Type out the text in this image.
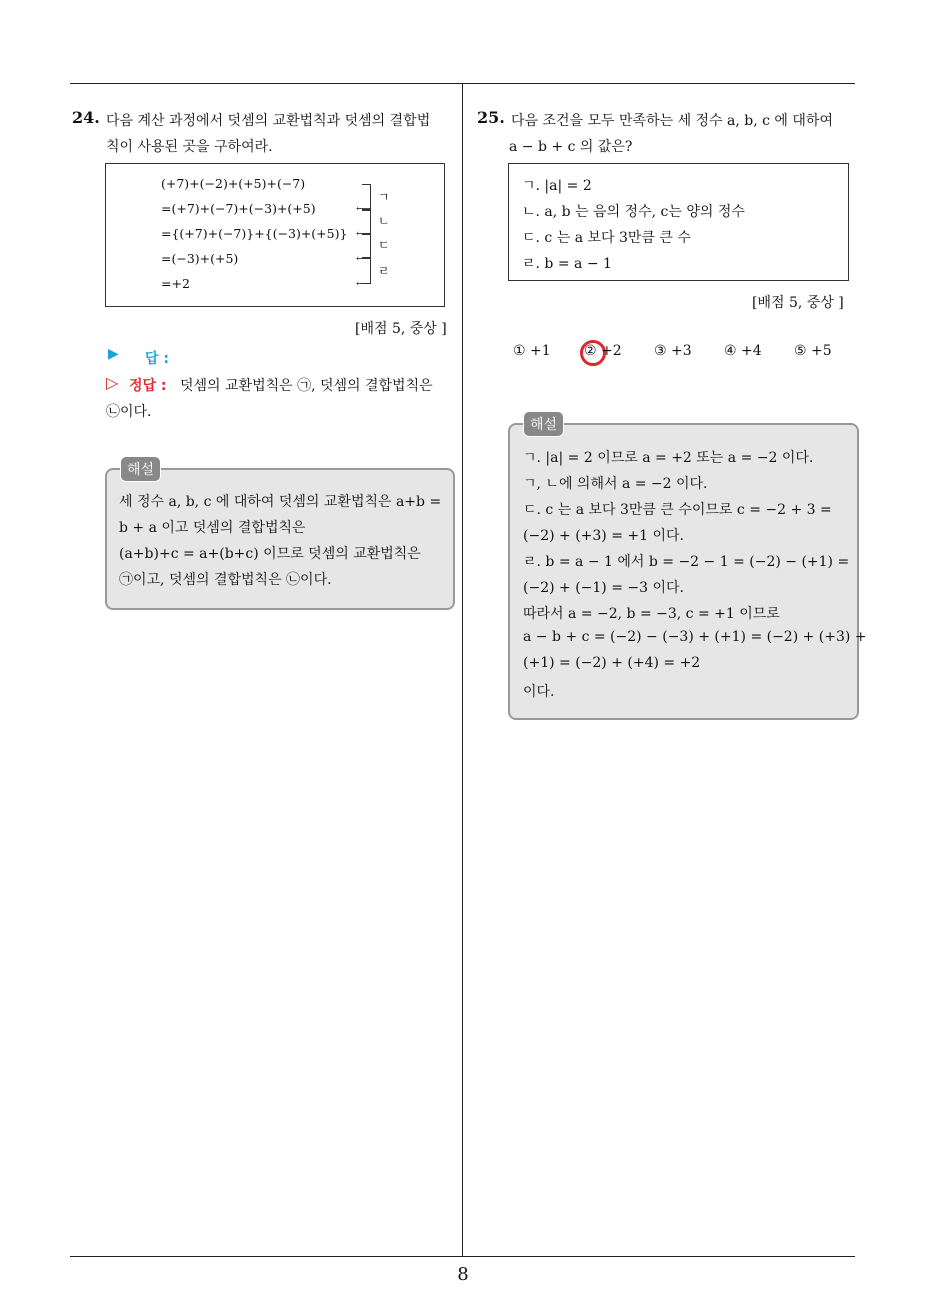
24. 다음 계산 과정에서 덧셈의 교환법칙과 덧셈의 결합법
칙이 사용된 곳을 구하여라.
(+7)+(−2)+(+5)+(−7)
=(+7)+(−7)+(−3)+(+5)
={(+7)+(−7)}+{(−3)+(+5)}
=(−3)+(+5)
=+2
⟵
⟵
⟵
⟵
ㄱ
ㄴ
ㄷ
ㄹ
[배점 5, 중상 ]
▶ 답 :
▷ 정답 : 덧셈의 교환법칙은 ㉠, 덧셈의 결합법칙은
㉡이다.
세 정수 a, b, c 에 대하여 덧셈의 교환법칙은 a+b =
b + a 이고 덧셈의 결합법칙은
(a+b)+c = a+(b+c) 이므로 덧셈의 교환법칙은
㉠이고, 덧셈의 결합법칙은 ㉡이다.
해설
25. 다음 조건을 모두 만족하는 세 정수 a, b, c 에 대하여
a − b + c 의 값은?
ㄱ. |a| = 2
ㄴ. a, b 는 음의 정수, c는 양의 정수
ㄷ. c 는 a 보다 3만큼 큰 수
ㄹ. b = a − 1
[배점 5, 중상 ]
① +1 ② +2 ③ +3 ④ +4 ⑤ +5
ㄱ. |a| = 2 이므로 a = +2 또는 a = −2 이다.
ㄱ, ㄴ에 의해서 a = −2 이다.
ㄷ. c 는 a 보다 3만큼 큰 수이므로 c = −2 + 3 =
(−2) + (+3) = +1 이다.
ㄹ. b = a − 1 에서 b = −2 − 1 = (−2) − (+1) =
(−2) + (−1) = −3 이다.
따라서 a = −2, b = −3, c = +1 이므로
a − b + c = (−2) − (−3) + (+1) = (−2) + (+3) +
(+1) = (−2) + (+4) = +2
이다.
해설
8
